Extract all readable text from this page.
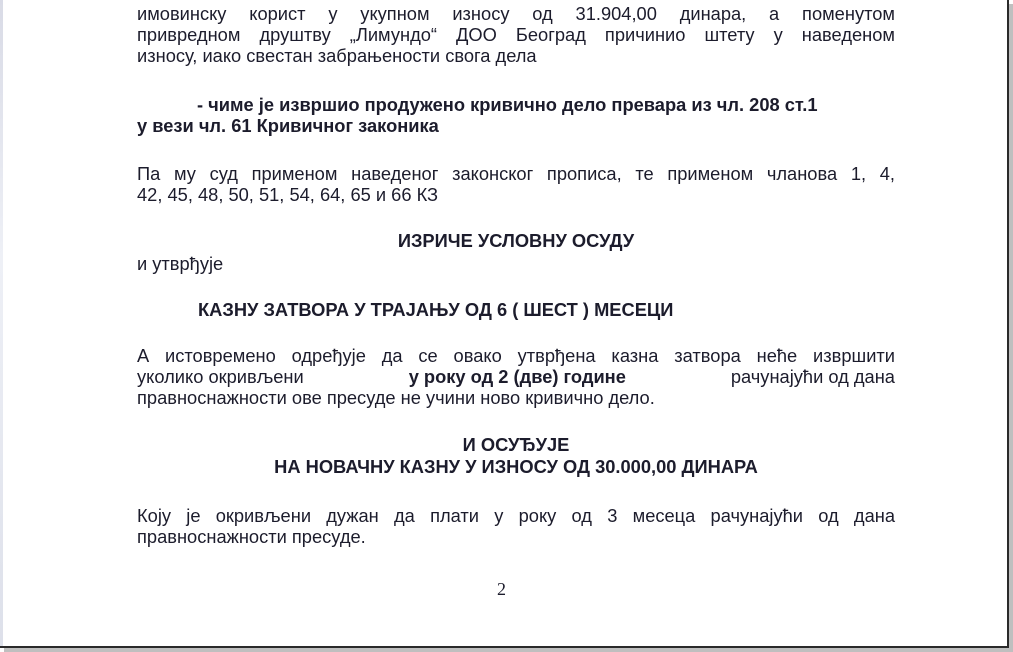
имовинску корист у укупном износу од 31.904,00 динара, а поменутом
привредном друштву „Лимундо“ ДОО Београд причинио штету у наведеном
износу, иако свестан забрањености свога дела
- чиме је извршио продужено кривично дело превара из чл. 208 ст.1
у вези чл. 61 Кривичног законика
Па му суд применом наведеног законског прописа, те применом чланова 1, 4,
42, 45, 48, 50, 51, 54, 64, 65 и 66 КЗ
ИЗРИЧЕ УСЛОВНУ ОСУДУ
и утврђује
КАЗНУ ЗАТВОРА У ТРАЈАЊУ ОД 6 ( ШЕСТ ) МЕСЕЦИ
А истовремено одређује да се овако утврђена казна затвора неће извршити
уколико окривљени	у року од 2 (две) године	рачунајући од дана
правноснажности ове пресуде не учини ново кривично дело.
И ОСУЂУЈЕ
НА НОВАЧНУ КАЗНУ У ИЗНОСУ ОД 30.000,00 ДИНАРА
Коју је окривљени дужан да плати у року од 3 месеца рачунајући од дана
правноснажности пресуде.
2
